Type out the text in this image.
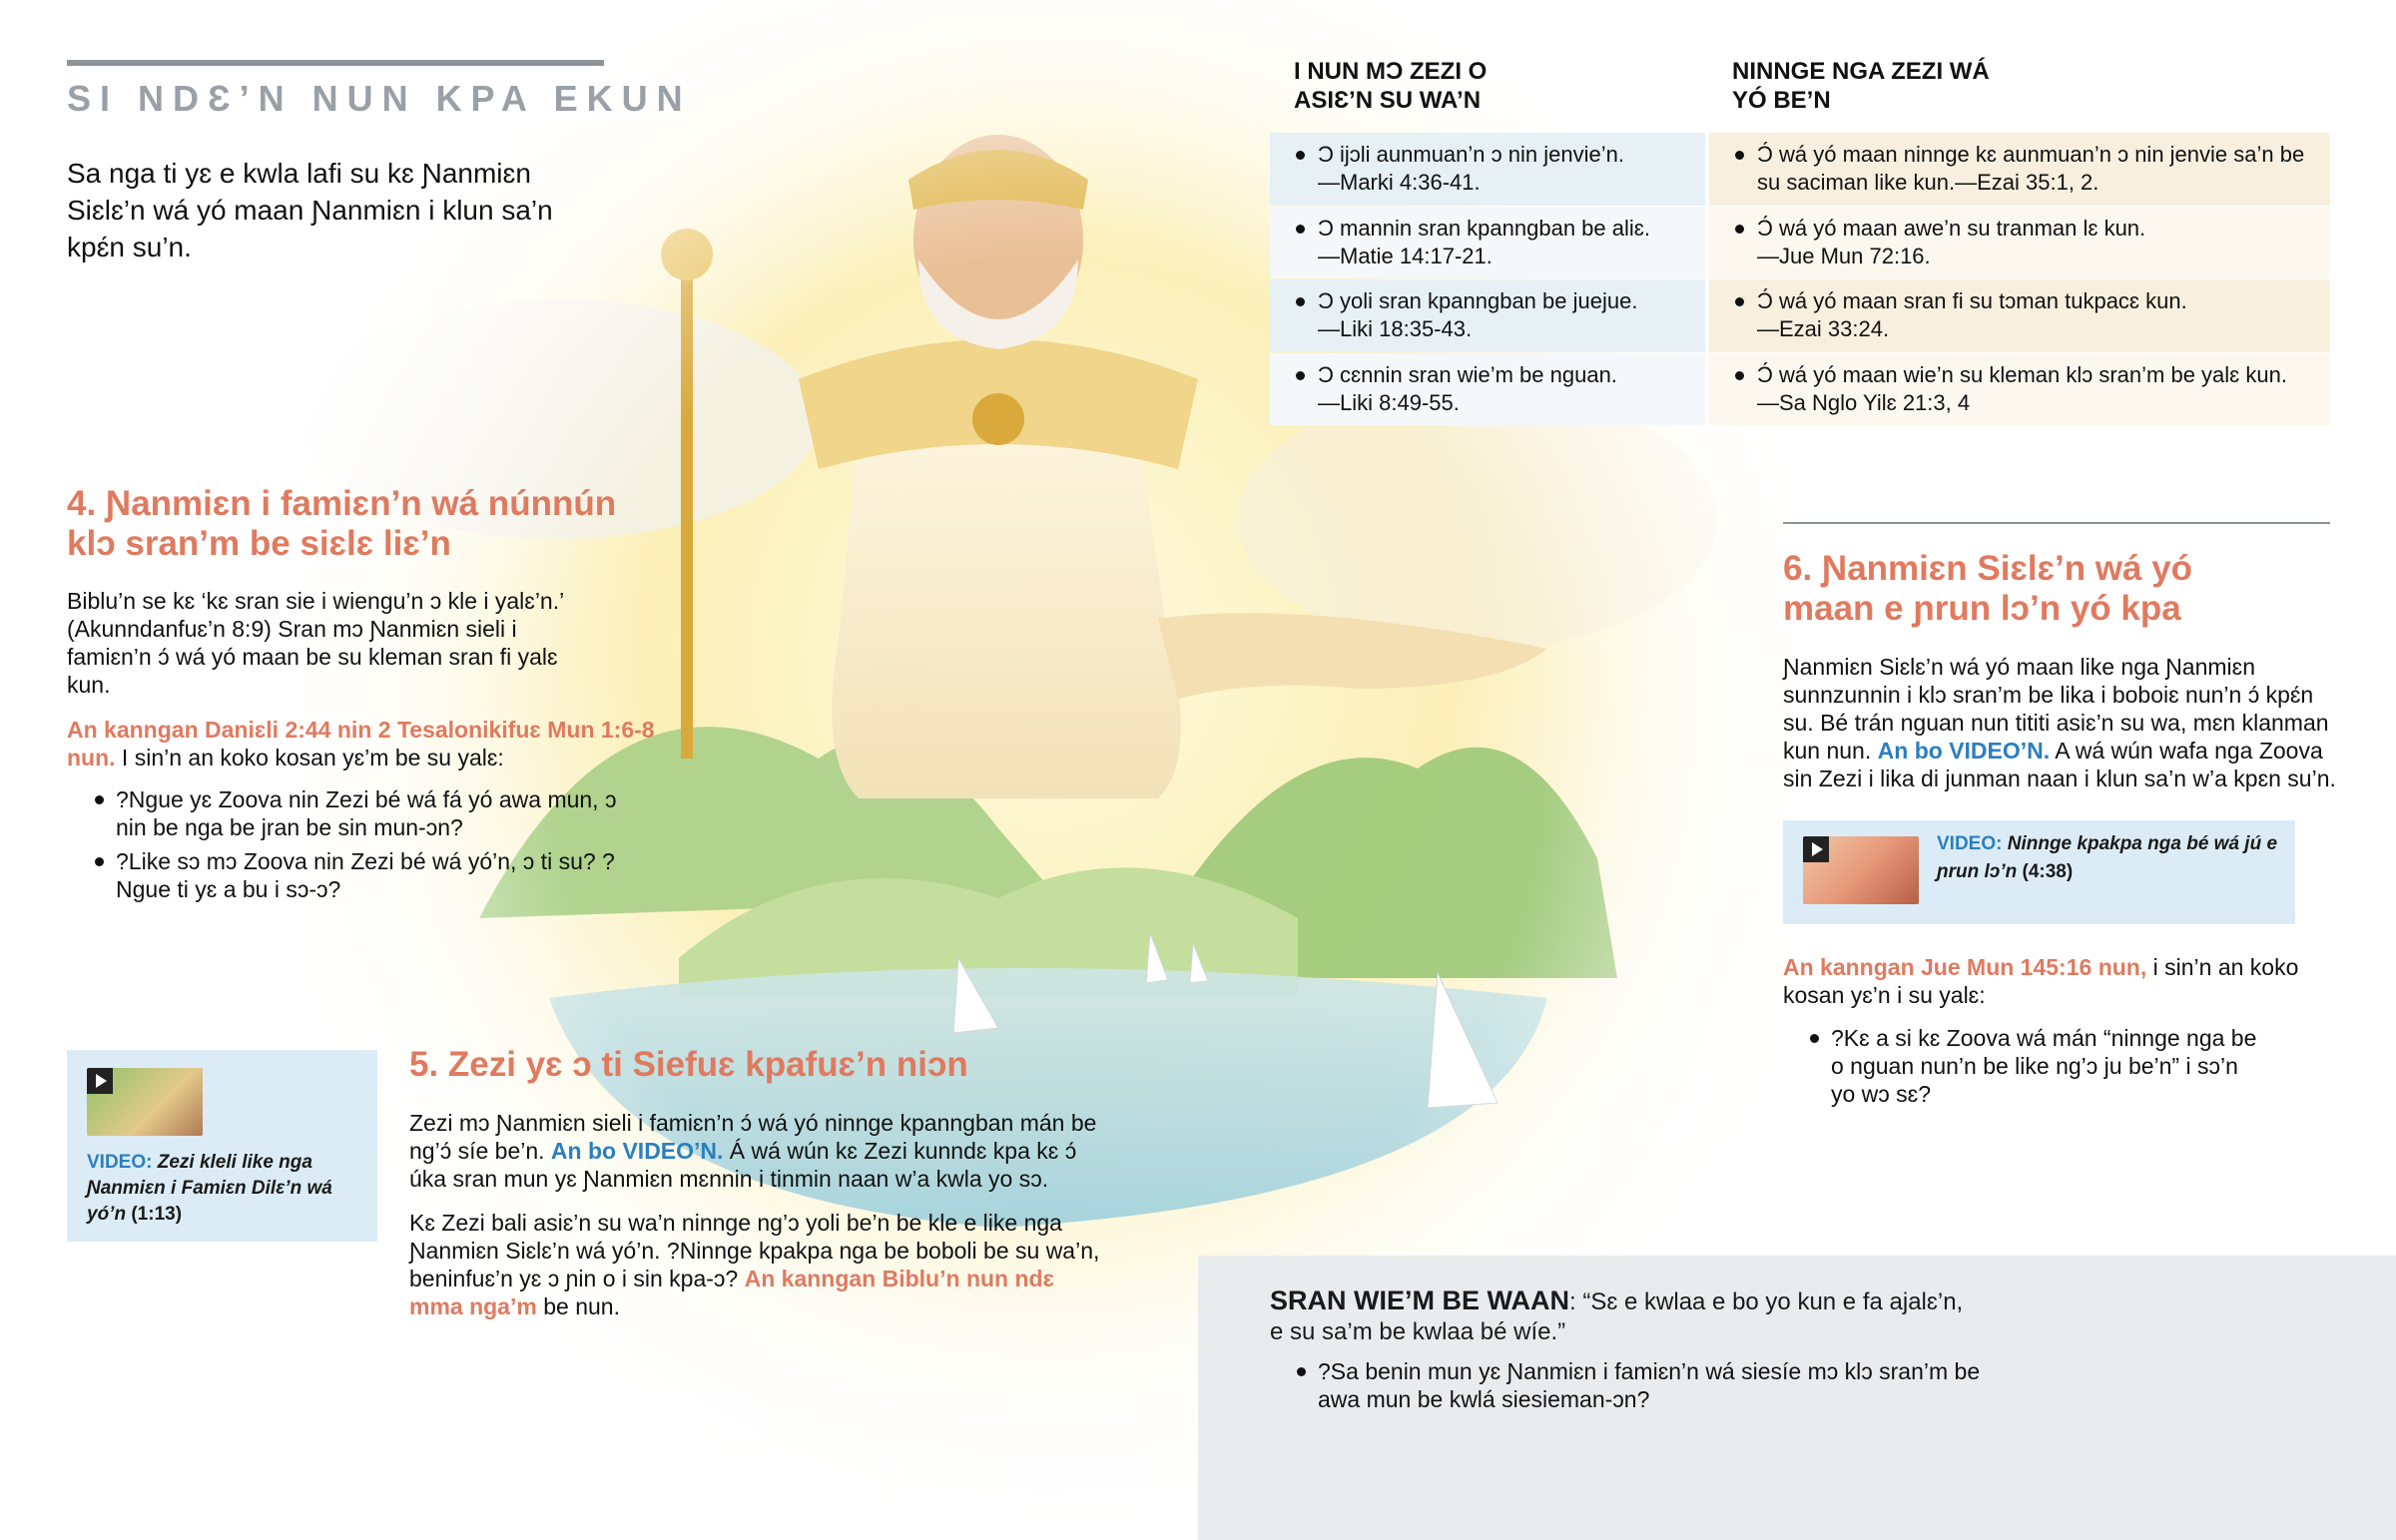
SI NDƐ’N NUN KPA EKUN
Sa nga ti yɛ e kwla lafi su kɛ Ɲanmiɛn Siɛlɛ’n wá yó maan Ɲanmiɛn i klun sa’n kpɛ́n su’n.
I NUN MƆ ZEZI O ASIƐ’N SU WA’N
NINNGE NGA ZEZI WÁ YÓ BE’N
Ɔ ijɔli aunmuan’n ɔ nin jenvie’n.
—Marki 4:36-41.
Ɔ mannin sran kpanngban be aliɛ.
—Matie 14:17-21.
Ɔ yoli sran kpanngban be juejue.
—Liki 18:35-43.
Ɔ cɛnnin sran wie’m be nguan.
—Liki 8:49-55.
Ɔ́ wá yó maan ninnge kɛ aunmuan’n ɔ nin jenvie sa’n be su saciman like kun.—Ezai 35:1, 2.
Ɔ́ wá yó maan awe’n su tranman lɛ kun.
—Jue Mun 72:16.
Ɔ́ wá yó maan sran fi su tɔman tukpacɛ kun.
—Ezai 33:24.
Ɔ́ wá yó maan wie’n su kleman klɔ sran’m be yalɛ kun.
—Sa Nglo Yilɛ 21:3, 4
4. Ɲanmiɛn i famiɛn’n wá núnnún klɔ sran’m be siɛlɛ liɛ’n
Biblu’n se kɛ ‘kɛ sran sie i wiengu’n ɔ kle i yalɛ’n.’ (Akunndanfuɛ’n 8:9) Sran mɔ Ɲanmiɛn sieli i famiɛn’n ɔ́ wá yó maan be su kleman sran fi yalɛ kun.
An kanngan Daniɛli 2:44 nin 2 Tesalonikifuɛ Mun 1:6-8 nun. I sin’n an koko kosan yɛ’m be su yalɛ:
?Ngue yɛ Zoova nin Zezi bé wá fá yó awa mun, ɔ nin be nga be jran be sin mun-ɔn?
?Like sɔ mɔ Zoova nin Zezi bé wá yó’n, ɔ ti su? ?Ngue ti yɛ a bu i sɔ-ɔ?
VIDEO: Zezi kleli like nga Ɲanmiɛn i Famiɛn Dilɛ’n wá yó’n (1:13)
5. Zezi yɛ ɔ ti Siefuɛ kpafuɛ’n niɔn
Zezi mɔ Ɲanmiɛn sieli i famiɛn’n ɔ́ wá yó ninnge kpanngban mán be ng’ɔ́ síe be’n. An bo VIDEO’N. Á wá wún kɛ Zezi kunndɛ kpa kɛ ɔ́ úka sran mun yɛ Ɲanmiɛn mɛnnin i tinmin naan w’a kwla yo sɔ.
Kɛ Zezi bali asiɛ’n su wa’n ninnge ng’ɔ yoli be’n be kle e like nga Ɲanmiɛn Siɛlɛ’n wá yó’n. ?Ninnge kpakpa nga be boboli be su wa’n, beninfuɛ’n yɛ ɔ ɲin o i sin kpa-ɔ? An kanngan Biblu’n nun ndɛ mma nga’m be nun.
6. Ɲanmiɛn Siɛlɛ’n wá yó maan e ɲrun lɔ’n yó kpa
Ɲanmiɛn Siɛlɛ’n wá yó maan like nga Ɲanmiɛn sunnzunnin i klɔ sran’m be lika i boboiɛ nun’n ɔ́ kpɛ́n su. Bé trán nguan nun tititi asiɛ’n su wa, mɛn klanman kun nun. An bo VIDEO’N. A wá wún wafa nga Zoova sin Zezi i lika di junman naan i klun sa’n w’a kpɛn su’n.
VIDEO: Ninnge kpakpa nga bé wá jú e ɲrun lɔ’n (4:38)
An kanngan Jue Mun 145:16 nun, i sin’n an koko kosan yɛ’n i su yalɛ:
?Kɛ a si kɛ Zoova wá mán “ninnge nga be o nguan nun’n be like ng’ɔ ju be’n” i sɔ’n yo wɔ sɛ?
SRAN WIE’M BE WAAN: “Sɛ e kwlaa e bo yo kun e fa ajalɛ’n, e su sa’m be kwlaa bé wíe.”
?Sa benin mun yɛ Ɲanmiɛn i famiɛn’n wá siesíe mɔ klɔ sran’m be awa mun be kwlá siesieman-ɔn?
